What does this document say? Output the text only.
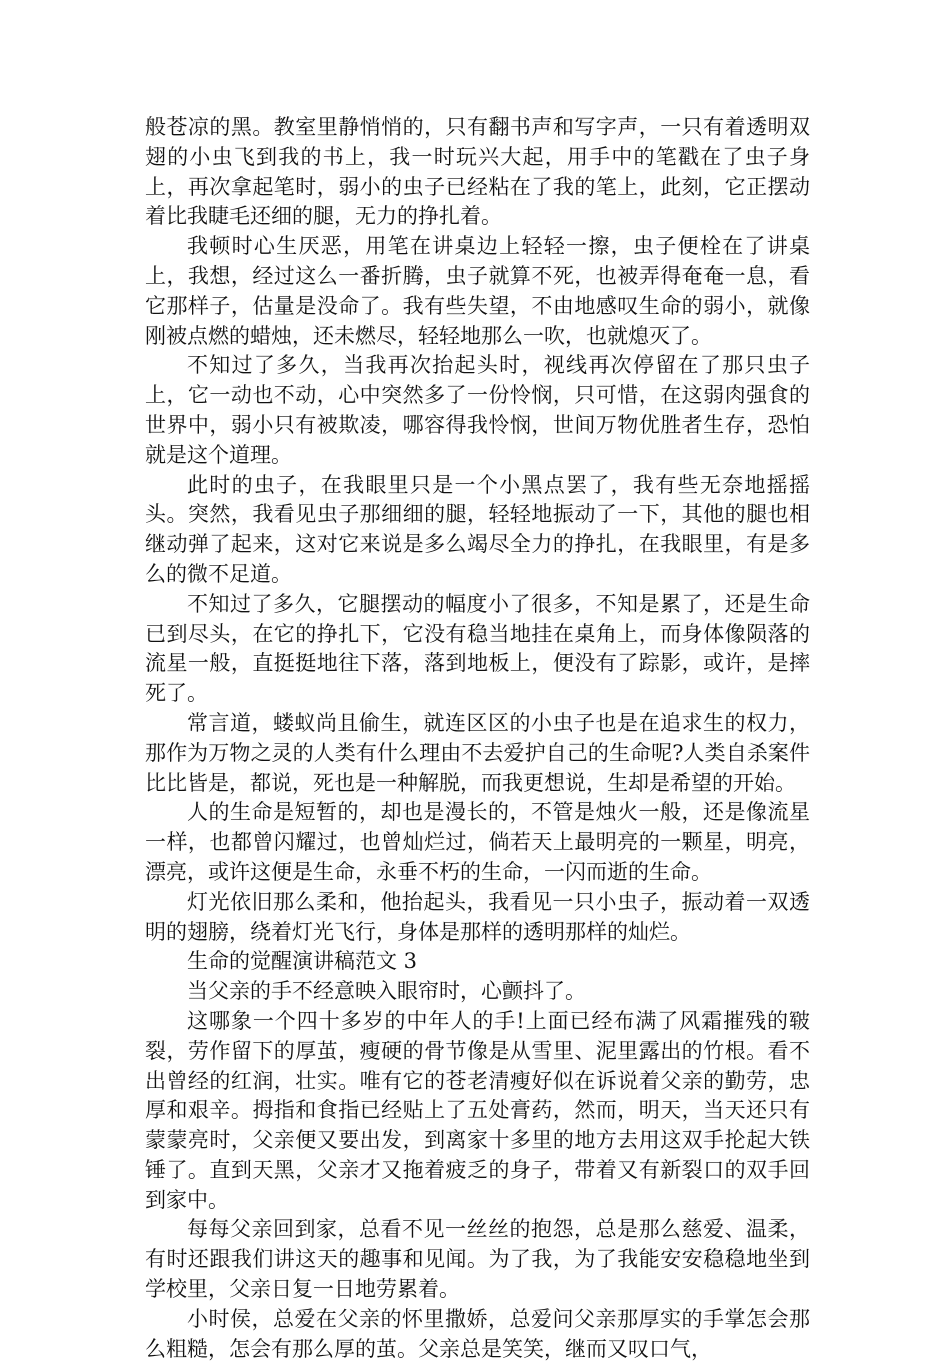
般苍凉的黑。教室里静悄悄的，只有翻书声和写字声，一只有着透明双翅的小虫飞到我的书上，我一时玩兴大起，用手中的笔戳在了虫子身上，再次拿起笔时，弱小的虫子已经粘在了我的笔上，此刻，它正摆动着比我睫毛还细的腿，无力的挣扎着。

我顿时心生厌恶，用笔在讲桌边上轻轻一擦，虫子便栓在了讲桌上，我想，经过这么一番折腾，虫子就算不死，也被弄得奄奄一息，看它那样子，估量是没命了。我有些失望，不由地感叹生命的弱小，就像刚被点燃的蜡烛，还未燃尽，轻轻地那么一吹，也就熄灭了。

不知过了多久，当我再次抬起头时，视线再次停留在了那只虫子上，它一动也不动，心中突然多了一份怜悯，只可惜，在这弱肉强食的世界中，弱小只有被欺凌，哪容得我怜悯，世间万物优胜者生存，恐怕就是这个道理。

此时的虫子，在我眼里只是一个小黑点罢了，我有些无奈地摇摇头。突然，我看见虫子那细细的腿，轻轻地振动了一下，其他的腿也相继动弹了起来，这对它来说是多么竭尽全力的挣扎，在我眼里，有是多么的微不足道。

不知过了多久，它腿摆动的幅度小了很多，不知是累了，还是生命已到尽头，在它的挣扎下，它没有稳当地挂在桌角上，而身体像陨落的流星一般，直挺挺地往下落，落到地板上，便没有了踪影，或许，是摔死了。

常言道，蝼蚁尚且偷生，就连区区的小虫子也是在追求生的权力，那作为万物之灵的人类有什么理由不去爱护自己的生命呢?人类自杀案件比比皆是，都说，死也是一种解脱，而我更想说，生却是希望的开始。

人的生命是短暂的，却也是漫长的，不管是烛火一般，还是像流星一样，也都曾闪耀过，也曾灿烂过，倘若天上最明亮的一颗星，明亮，漂亮，或许这便是生命，永垂不朽的生命，一闪而逝的生命。

灯光依旧那么柔和，他抬起头，我看见一只小虫子，振动着一双透明的翅膀，绕着灯光飞行，身体是那样的透明那样的灿烂。

生命的觉醒演讲稿范文 3

当父亲的手不经意映入眼帘时，心颤抖了。

这哪象一个四十多岁的中年人的手!上面已经布满了风霜摧残的皲裂，劳作留下的厚茧，瘦硬的骨节像是从雪里、泥里露出的竹根。看不出曾经的红润，壮实。唯有它的苍老清瘦好似在诉说着父亲的勤劳，忠厚和艰辛。拇指和食指已经贴上了五处膏药，然而，明天，当天还只有蒙蒙亮时，父亲便又要出发，到离家十多里的地方去用这双手抡起大铁锤了。直到天黑，父亲才又拖着疲乏的身子，带着又有新裂口的双手回到家中。

每每父亲回到家，总看不见一丝丝的抱怨，总是那么慈爱、温柔，有时还跟我们讲这天的趣事和见闻。为了我，为了我能安安稳稳地坐到学校里，父亲日复一日地劳累着。

小时侯，总爱在父亲的怀里撒娇，总爱问父亲那厚实的手掌怎会那么粗糙，怎会有那么厚的茧。父亲总是笑笑，继而又叹口气，
